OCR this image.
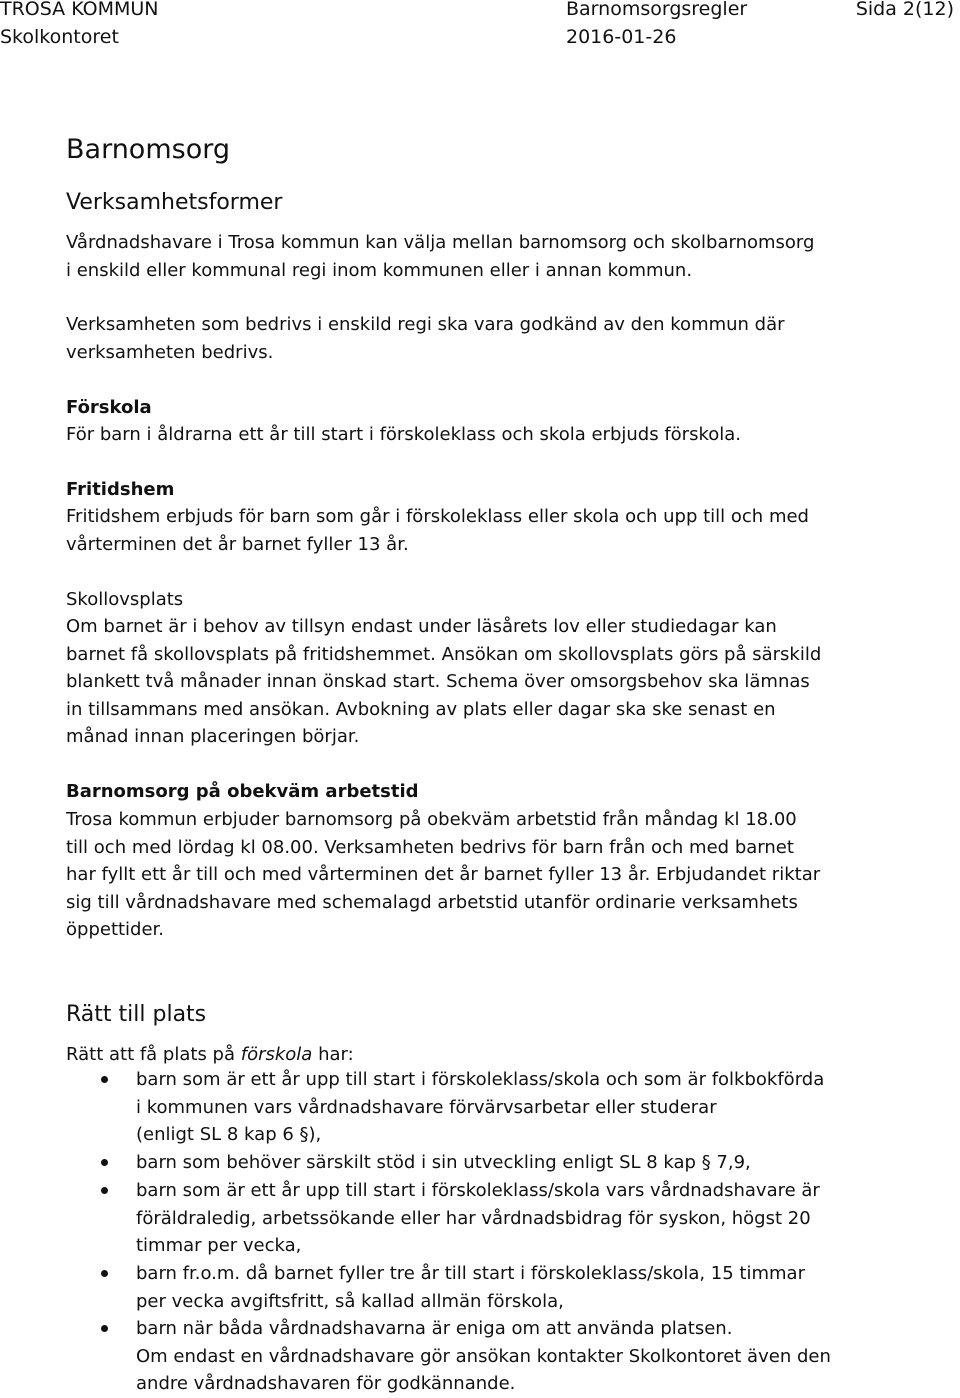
TROSA KOMMUN
Skolkontoret
Barnomsorgsregler
2016-01-26
Sida 2(12)
Barnomsorg
Verksamhetsformer
Vårdnadshavare i Trosa kommun kan välja mellan barnomsorg och skolbarnomsorg
i enskild eller kommunal regi inom kommunen eller i annan kommun.
Verksamheten som bedrivs i enskild regi ska vara godkänd av den kommun där
verksamheten bedrivs.
Förskola
För barn i åldrarna ett år till start i förskoleklass och skola erbjuds förskola.
Fritidshem
Fritidshem erbjuds för barn som går i förskoleklass eller skola och upp till och med
vårterminen det år barnet fyller 13 år.
Skollovsplats
Om barnet är i behov av tillsyn endast under läsårets lov eller studiedagar kan
barnet få skollovsplats på fritidshemmet. Ansökan om skollovsplats görs på särskild
blankett två månader innan önskad start. Schema över omsorgsbehov ska lämnas
in tillsammans med ansökan. Avbokning av plats eller dagar ska ske senast en
månad innan placeringen börjar.
Barnomsorg på obekväm arbetstid
Trosa kommun erbjuder barnomsorg på obekväm arbetstid från måndag kl 18.00
till och med lördag kl 08.00. Verksamheten bedrivs för barn från och med barnet
har fyllt ett år till och med vårterminen det år barnet fyller 13 år. Erbjudandet riktar
sig till vårdnadshavare med schemalagd arbetstid utanför ordinarie verksamhets
öppettider.
Rätt till plats
Rätt att få plats på förskola har:
barn som är ett år upp till start i förskoleklass/skola och som är folkbokförda
i kommunen vars vårdnadshavare förvärvsarbetar eller studerar
(enligt SL 8 kap 6 §),
barn som behöver särskilt stöd i sin utveckling enligt SL 8 kap § 7,9,
barn som är ett år upp till start i förskoleklass/skola vars vårdnadshavare är
föräldraledig, arbetssökande eller har vårdnadsbidrag för syskon, högst 20
timmar per vecka,
barn fr.o.m. då barnet fyller tre år till start i förskoleklass/skola, 15 timmar
per vecka avgiftsfritt, så kallad allmän förskola,
barn när båda vårdnadshavarna är eniga om att använda platsen.
Om endast en vårdnadshavare gör ansökan kontakter Skolkontoret även den
andre vårdnadshavaren för godkännande.
